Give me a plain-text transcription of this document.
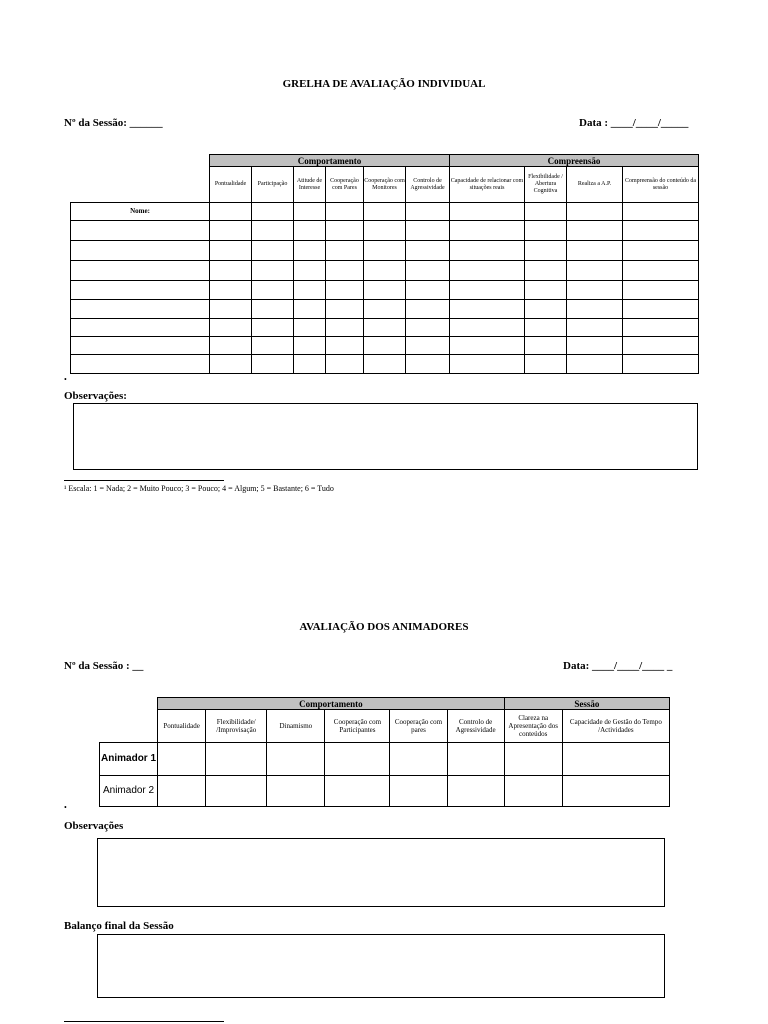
GRELHA DE AVALIAÇÃO INDIVIDUAL
Nº da Sessão: ______	Data : ____/____/_____
	Comportamento						Compreensão			
	Pontualidade	Participação	Atitude de Interesse	Cooperação com Pares	Cooperação com Monitores	Controlo de Agressividade	Capacidade de relacionar com situações reais	Flexibilidade / Abertura Cognitiva	Realiza a A.P.	Compreensão do conteúdo da sessão
Nome:										

•
Observações:
¹ Escala: 1 = Nada; 2 = Muito Pouco; 3 = Pouco; 4 = Algum; 5 = Bastante; 6 = Tudo
AVALIAÇÃO DOS ANIMADORES
Nº da Sessão : __	Data: ____/____/____ _
	Comportamento						Sessão	
	Pontualidade	Flexibilidade/ /Improvisação	Dinamismo	Cooperação com Participantes	Cooperação com pares	Controlo de Agressividade	Clareza na Apresentação dos conteúdos	Capacidade de Gestão do Tempo /Actividades
Animador 1								
Animador 2								
•
Observações
Balanço final da Sessão
